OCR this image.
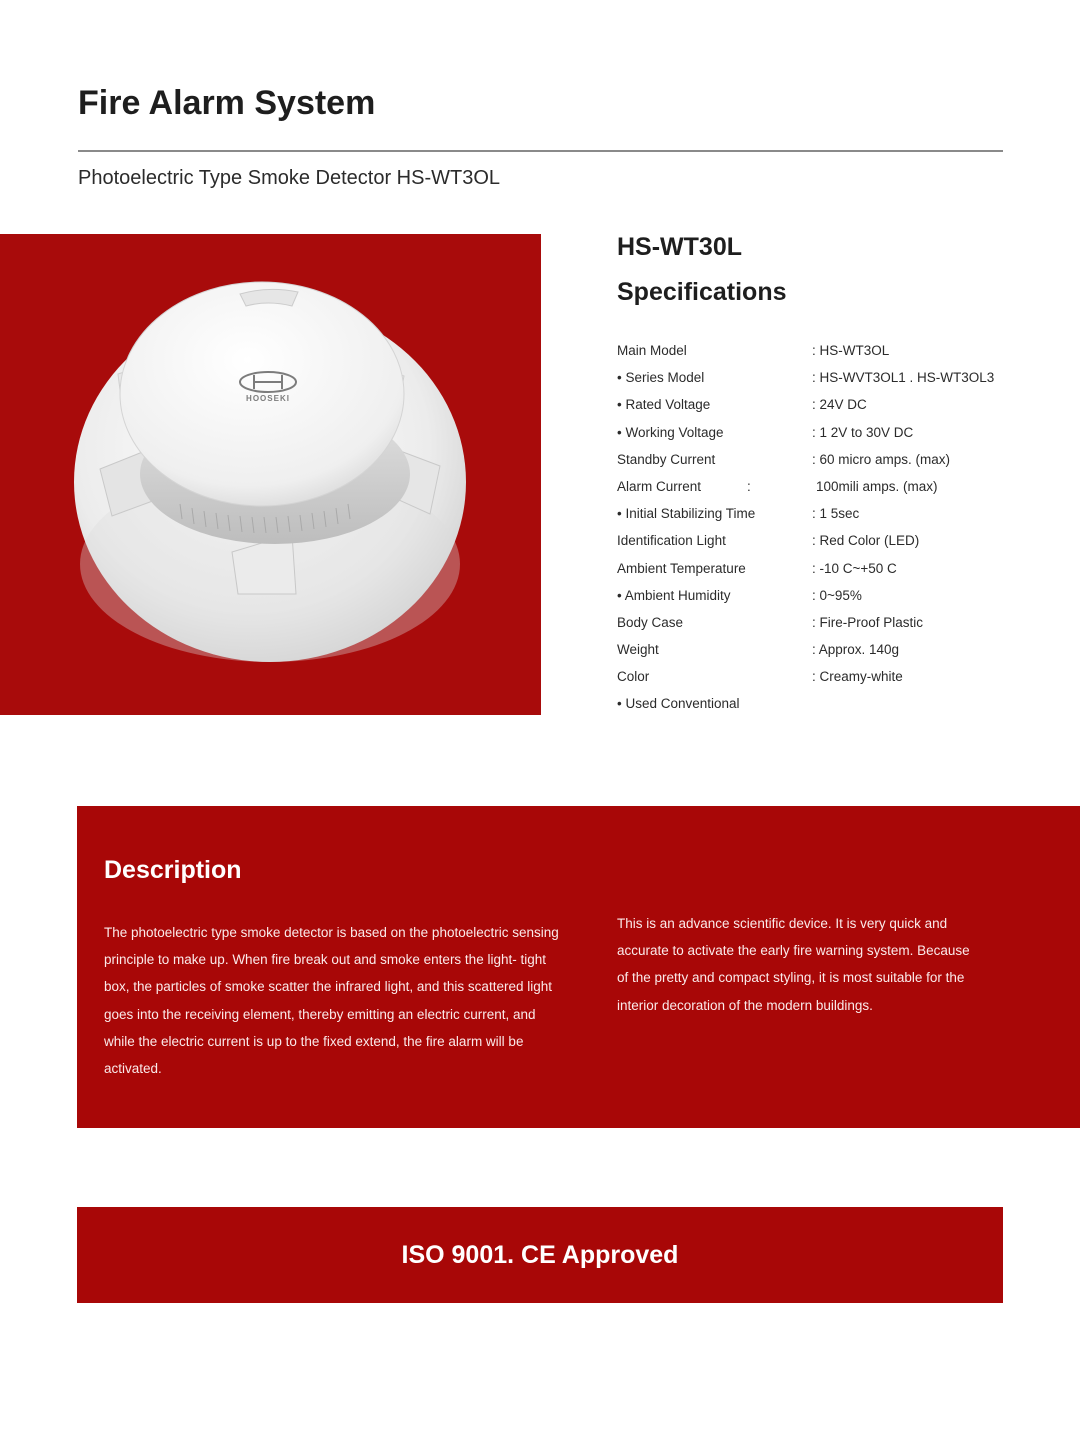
Fire Alarm System
Photoelectric Type Smoke Detector HS-WT3OL
HOOSEKI
HS-WT30L
Specifications
Main Model	: HS-WT3OL
• Series Model	: HS-WVT3OL1 . HS-WT3OL3
• Rated Voltage	: 24V DC
• Working Voltage	: 1 2V to 30V DC
Standby Current	: 60 micro amps. (max)
Alarm Current	:	100mili amps. (max)
• Initial Stabilizing Time	: 1 5sec
Identification Light	: Red Color (LED)
Ambient Temperature	: -10 C~+50 C
• Ambient Humidity	: 0~95%
Body Case	: Fire-Proof Plastic
Weight	: Approx. 140g
Color	: Creamy-white
• Used Conventional
Description
The photoelectric type smoke detector is based on the photoelectric sensing principle to make up. When fire break out and smoke enters the light- tight box, the particles of smoke scatter the infrared light, and this scattered light goes into the receiving element, thereby emitting an electric current, and while the electric current is up to the fixed extend, the fire alarm will be activated.
This is an advance scientific device. It is very quick and accurate to activate the early fire warning system. Because of the pretty and compact styling, it is most suitable for the interior decoration of the modern buildings.
ISO 9001. CE Approved
